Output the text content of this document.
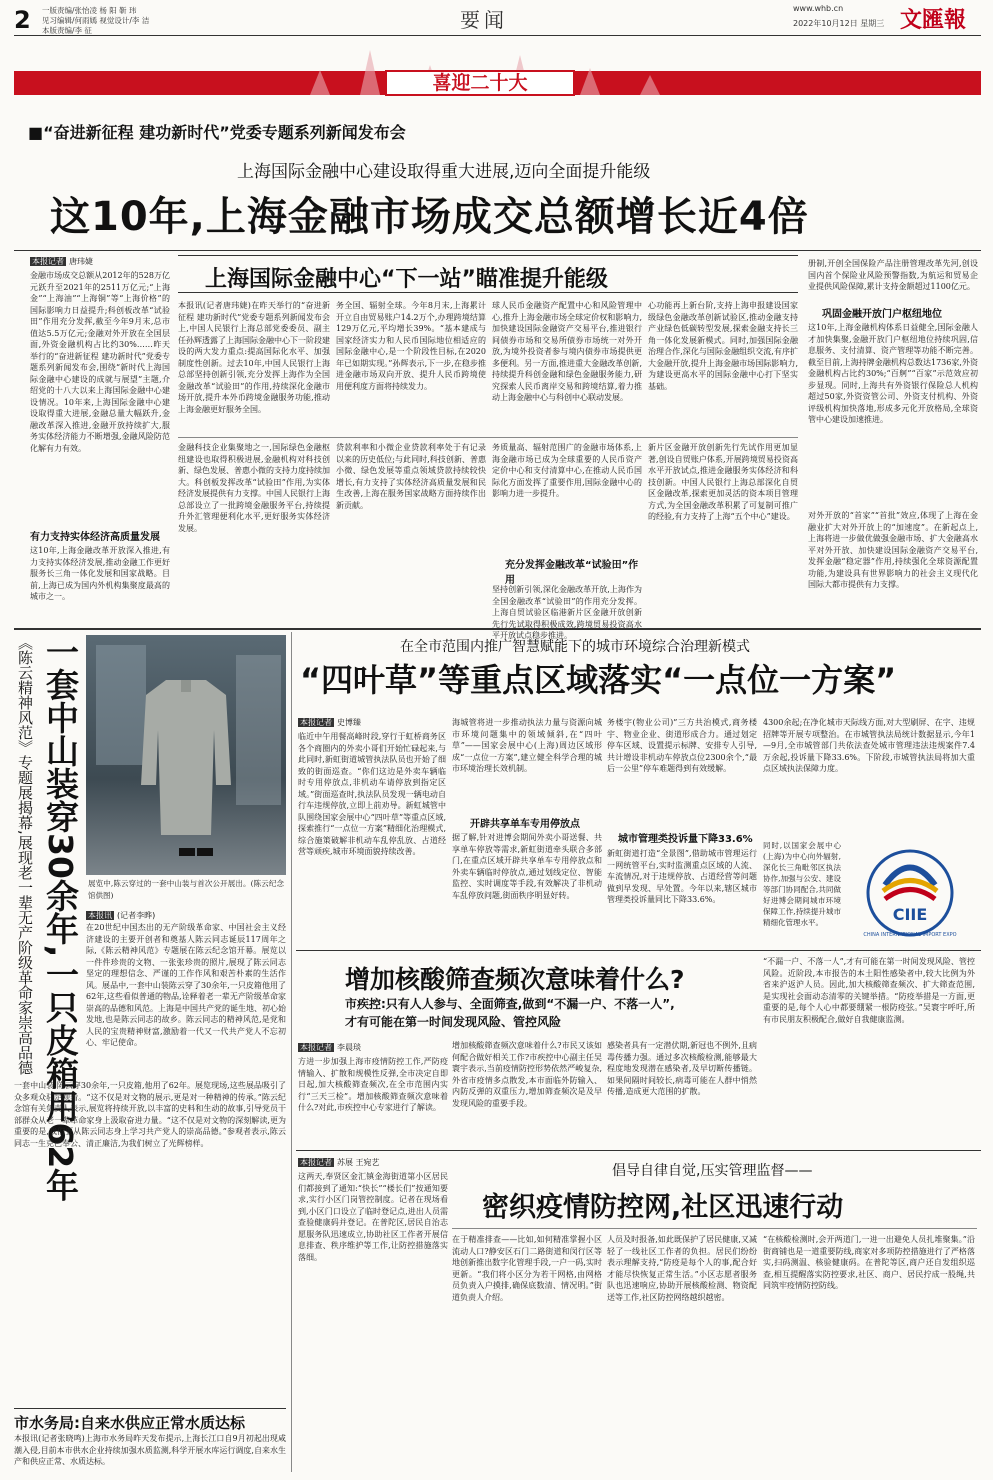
2 一版责编/张怡凌 杨 阳 靳 玮
见习编辑/何雨嫣 视觉设计/李 洁
本版责编/李 征	要闻	www.whb.cn
2022年10月12日 星期三 文匯報
喜迎二十大
■“奋进新征程 建功新时代”党委专题系列新闻发布会
上海国际金融中心建设取得重大进展,迈向全面提升能级
这10年,上海金融市场成交总额增长近4倍
本报记者 唐玮婕
金融市场成交总额从2012年的528万亿元跃升至2021年的2511万亿元;“上海金”“上海油”“上海铜”等“上海价格”的国际影响力日益提升;科创板改革“试验田”作用充分发挥,截至今年9月末,总市值达5.5万亿元;金融对外开放在全国层面,外资金融机构占比约30%……昨天举行的“奋进新征程 建功新时代”党委专题系列新闻发布会,围绕“新时代上海国际金融中心建设的成就与展望”主题,介绍党的十八大以来上海国际金融中心建设情况。10年来,上海国际金融中心建设取得重大进展,金融总量大幅跃升,金融改革深入推进,金融开放持续扩大,服务实体经济能力不断增强,金融风险防范化解有力有效。
有力支持实体经济高质量发展
这10年,上海金融改革开放深入推进,有力支持实体经济发展,推动金融工作更好服务长三角一体化发展和国家战略。目前,上海已成为国内外机构集聚度最高的城市之一。
上海国际金融中心“下一站”瞄准提升能级
本报讯(记者唐玮婕)在昨天举行的“奋进新征程 建功新时代”党委专题系列新闻发布会上,中国人民银行上海总部党委委员、副主任孙辉透露了上海国际金融中心下一阶段建设的两大发力重点:提高国际化水平、加强制度性创新。过去10年,中国人民银行上海总部坚持创新引领,充分发挥上海作为全国金融改革“试验田”的作用,持续深化金融市场开放,提升本外币跨境金融服务功能,推动上海金融更好服务全国。
务全国、辐射全球。今年8月末,上海累计开立自由贸易账户14.2万个,办理跨境结算129万亿元,平均增长39%。“基本建成与国家经济实力和人民币国际地位相适应的国际金融中心,是一个阶段性目标,在2020年已如期实现。”孙辉表示,下一步,在稳步推进金融市场双向开放、提升人民币跨境使用便利度方面将持续发力。
球人民币金融资产配置中心和风险管理中心,推升上海金融市场全球定价权和影响力,加快建设国际金融资产交易平台,推进银行间债券市场和交易所债券市场统一对外开放,为境外投资者参与境内债券市场提供更多便利。另一方面,推进重大金融改革创新,持续提升科创金融和绿色金融服务能力,研究探索人民币离岸交易和跨境结算,着力推动上海金融中心与科创中心联动发展。
心功能再上新台阶,支持上海申报建设国家级绿色金融改革创新试验区,推动金融支持产业绿色低碳转型发展,探索金融支持长三角一体化发展新模式。同时,加强国际金融治理合作,深化与国际金融组织交流,有序扩大金融开放,提升上海金融市场国际影响力,为建设更高水平的国际金融中心打下坚实基础。
册制,开创全国保险产品注册管理改革先河,创设国内首个保险业风险预警指数,为航运和贸易企业提供风险保障,累计支持金额超过1100亿元。
巩固金融开放门户枢纽地位
这10年,上海金融机构体系日益健全,国际金融人才加快集聚,金融开放门户枢纽地位持续巩固,信息服务、支付清算、资产管理等功能不断完善。截至目前,上海持牌金融机构总数达1736家,外资金融机构占比约30%;“百舸”“百家”示范效应初步显现。同时,上海共有外资银行保险总人机构超过50家,外资资管公司、外资支付机构、外资评级机构加快落地,形成多元化开放格局,全球资管中心建设加速推进。
金融科技企业集聚地之一,国际绿色金融枢纽建设也取得积极进展,金融机构对科技创新、绿色发展、普惠小微的支持力度持续加大。科创板发挥改革“试验田”作用,为实体经济发展提供有力支撑。中国人民银行上海总部设立了一批跨境金融服务平台,持续提升外汇管理便利化水平,更好服务实体经济发展。
贷款利率和小微企业贷款利率处于有记录以来的历史低位;与此同时,科技创新、普惠小微、绿色发展等重点领域贷款持续较快增长,有力支持了实体经济高质量发展和民生改善,上海在服务国家战略方面持续作出新贡献。
务质量高、辐射范围广的金融市场体系,上海金融市场已成为全球重要的人民币资产定价中心和支付清算中心,在推动人民币国际化方面发挥了重要作用,国际金融中心的影响力进一步提升。
充分发挥金融改革“试验田”作用
坚持创新引领,深化金融改革开放,上海作为全国金融改革“试验田”的作用充分发挥。上海自贸试验区临港新片区金融开放创新先行先试取得积极成效,跨境贸易投资高水平开放试点稳步推进。
新片区金融开放创新先行先试作用更加显著,创设自贸账户体系,开展跨境贸易投资高水平开放试点,推进金融服务实体经济和科技创新。中国人民银行上海总部深化自贸区金融改革,探索更加灵活的资本项目管理方式,为全国金融改革积累了可复制可推广的经验,有力支持了上海“五个中心”建设。	对外开放的“首家”“首批”效应,体现了上海在金融业扩大对外开放上的“加速度”。在新起点上,上海将进一步做优做强金融市场、扩大金融高水平对外开放、加快建设国际金融资产交易平台,发挥金融“稳定器”作用,持续强化全球资源配置功能,为建设具有世界影响力的社会主义现代化国际大都市提供有力支撑。
《陈云精神风范》专题展揭幕,展现老一辈无产阶级革命家崇高品德 一套中山装穿30余年,一只皮箱用62年 展览中,陈云穿过的一套中山装与首次公开展出。(陈云纪念馆供图)
本报讯 (记者李晔)
在20世纪中国杰出的无产阶级革命家、中国社会主义经济建设的主要开创者和奠基人陈云同志诞辰117周年之际,《陈云精神风范》专题展在陈云纪念馆开幕。展览以一件件珍贵的文物、一张张珍贵的照片,展现了陈云同志坚定的理想信念、严谨的工作作风和艰苦朴素的生活作风。展品中,一套中山装陈云穿了30余年,一只皮箱他用了62年,这些看似普通的物品,诠释着老一辈无产阶级革命家崇高的品德和风范。上海是中国共产党的诞生地、初心始发地,也是陈云同志的故乡。陈云同志的精神风范,是党和人民的宝贵精神财富,激励着一代又一代共产党人不忘初心、牢记使命。
一套中山装,陈云穿30余年,一只皮箱,他用了62年。展览现场,这些展品吸引了众多观众驻足观看。“这不仅是对文物的展示,更是对一种精神的传承。”陈云纪念馆有关负责人表示,展览将持续开放,以丰富的史料和生动的故事,引导党员干部群众从老一辈革命家身上汲取奋进力量。“这不仅是对文物的深刻解读,更为重要的是,我们要从陈云同志身上学习共产党人的崇高品德。”参观者表示,陈云同志一生克己奉公、清正廉洁,为我们树立了光辉榜样。
市水务局:自来水供应正常水质达标
本报讯(记者张晓鸣)上海市水务局昨天发布提示,上海长江口自9月初起出现咸潮入侵,目前本市供水企业持续加强水质监测,科学开展水库运行调度,自来水生产和供应正常、水质达标。
在全市范围内推广智慧赋能下的城市环境综合治理新模式
“四叶草”等重点区域落实“一点位一方案”
本报记者 史博臻
临近中午用餐高峰时段,穿行于虹桥商务区各个商圈内的外卖小哥们开始忙碌起来,与此同时,新虹街道城管执法队员也开始了细致的街面巡查。“你们这边是外卖车辆临时专用停放点,非机动车请停放到指定区域。”街面巡查时,执法队员发现一辆电动自行车违规停放,立即上前劝导。新虹城管中队围绕国家会展中心“四叶草”等重点区域,探索推行“一点位一方案”精细化治理模式,综合施策破解非机动车乱停乱放、占道经营等顽疾,城市环境面貌持续改善。
海城管将进一步推动执法力量与资源向城市环境问题集中的领域倾斜,在“四叶草”——国家会展中心(上海)周边区域形成“一点位一方案”,建立健全科学合理的城市环境治理长效机制。
开辟共享单车专用停放点
据了解,针对进博会期间外卖小哥送餐、共享单车停放等需求,新虹街道牵头联合多部门,在重点区域开辟共享单车专用停放点和外卖车辆临时停放点,通过划线定位、智能监控、实时调度等手段,有效解决了非机动车乱停放问题,街面秩序明显好转。
务楼宇(物业公司)”三方共治模式,商务楼宇、物业企业、街道形成合力。通过划定停车区域、设置提示标牌、安排专人引导,共计增设非机动车停放点位2300余个,“最后一公里”停车难题得到有效缓解。
城市管理类投诉量下降33.6%
新虹街道打造“全景图”,借助城市管理运行一网统管平台,实时监测重点区域的人流、车流情况,对于违规停放、占道经营等问题做到早发现、早处置。今年以来,辖区城市管理类投诉量同比下降33.6%。
4300余起;在净化城市天际线方面,对大型刷屏、在字、违规招牌等开展专项整治。在市城管执法局统计数据显示,今年1—9月,全市城管部门共依法查处城市管理违法违规案件7.4万余起,投诉量下降33.6%。下阶段,市城管执法局将加大重点区域执法保障力度。
同时,以国家会展中心(上海)为中心向外辐射,深化长三角毗邻区执法协作,加强与公安、建设等部门协同配合,共同做好进博会期间城市环境保障工作,持续提升城市精细化管理水平。	CIIE
CHINA INTERNATIONAL IMPORT EXPO
增加核酸筛查频次意味着什么?
市疾控:只有人人参与、全面筛查,做到“不漏一户、不落一人”,
才有可能在第一时间发现风险、管控风险
本报记者 李晨琰
方进一步加强上海市疫情防控工作,严防疫情输入、扩散和规模性反弹,全市决定自即日起,加大核酸筛查频次,在全市范围内实行“三天三检”。增加核酸筛查频次意味着什么?对此,市疾控中心专家进行了解读。
增加核酸筛查频次意味着什么?市民又该如何配合做好相关工作?市疾控中心副主任吴寰宇表示,当前疫情防控形势依然严峻复杂,外省市疫情多点散发,本市面临外防输入、内防反弹的双重压力,增加筛查频次是及早发现风险的重要手段。
感染者具有一定潜伏期,新冠也不例外,且病毒传播力强。通过多次核酸检测,能够最大程度地发现潜在感染者,及早切断传播链。如果间隔时间较长,病毒可能在人群中悄然传播,造成更大范围的扩散。
“不漏一户、不落一人”,才有可能在第一时间发现风险、管控风险。近阶段,本市报告的本土阳性感染者中,较大比例为外省来沪返沪人员。因此,加大核酸筛查频次、扩大筛查范围,是实现社会面动态清零的关键举措。“防疫举措是一方面,更重要的是,每个人心中都要绷紧一根防疫弦。”吴寰宇呼吁,所有市民朋友积极配合,做好自我健康监测。
本报记者 苏展 王宛艺
这两天,奉贤区金汇镇金海街道第小区居民们都接到了通知:“快长”“楼长们”按通知要求,实行小区门岗管控制度。记者在现场看到,小区门口设立了临时登记点,进出人员需查验健康码并登记。在普陀区,居民自治志愿服务队迅速成立,协助社区工作者开展信息排查、秩序维护等工作,让防控措施落实落细。
倡导自律自觉,压实管理监督——
密织疫情防控网,社区迅速行动
在于精准排查——比如,如何精准掌握小区流动人口?静安区石门二路街道和闵行区等地创新推出数字化管理手段,一户一码,实时更新。“我们将小区分为若干网格,由网格员负责入户摸排,确保底数清、情况明。”街道负责人介绍。
人员及时报备,如此既保护了居民健康,又减轻了一线社区工作者的负担。居民们纷纷表示理解支持,“防疫是每个人的事,配合好才能尽快恢复正常生活。”小区志愿者服务队也迅速响应,协助开展核酸检测、物资配送等工作,社区防控网络越织越密。
“在核酸检测时,会开两道门,一进一出避免人员扎堆聚集。”沿街商铺也是一道重要防线,商家对多项防控措施进行了严格落实,扫码测温、核验健康码。在普陀等区,商户还自发组织巡查,相互提醒落实防控要求,社区、商户、居民拧成一股绳,共同筑牢疫情防控防线。
